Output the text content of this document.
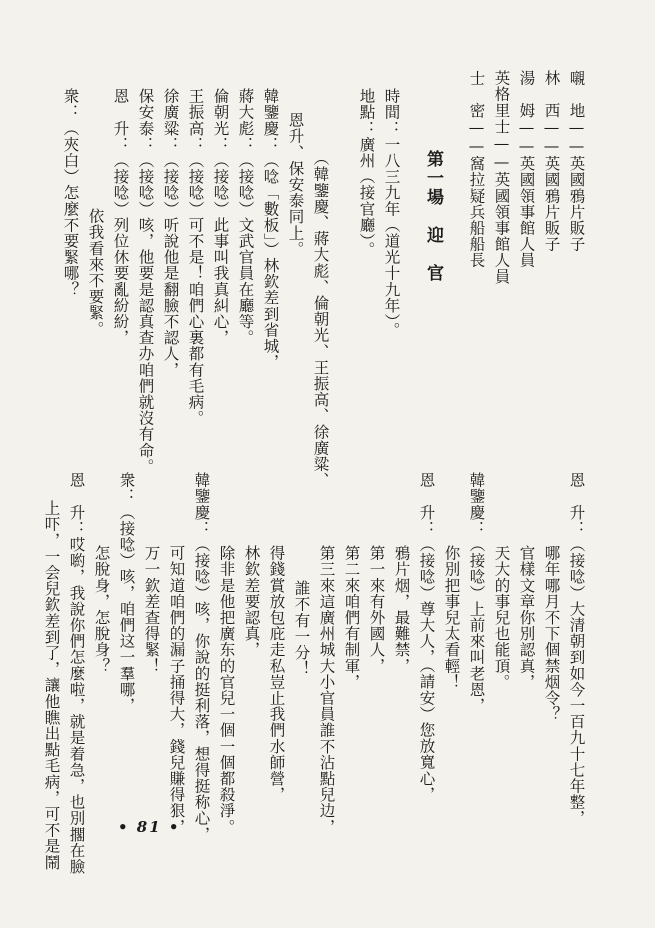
嚫　地——英國鴉片販子
林　西——英國鴉片販子
湯　姆——英國領事館人員
英格里士——英國領事館人員
士　密——窩拉疑兵船船長
第一場　迎　官
時間：一八三九年（道光十九年）。
地點：廣州（接官廳）。
（韓鑒慶、蔣大彪、倫朝光、王振高、徐廣粱、
恩升、保安泰同上。
韓鑒慶：（唸「數板」）林欽差到省城，
蔣大彪：（接唸）文武官員在廳等。
倫朝光：（接唸）此事叫我真糾心，
王振高：（接唸）可不是！咱們心裏都有毛病。
徐廣粱：（接唸）听說他是翻臉不認人，
保安泰：（接唸）咳，他要是認真查办咱們就沒有命。
恩　升：（接唸）列位休要亂紛紛，
依我看來不要緊。
衆：（夾白）怎麼不要緊哪？
恩　升：（接唸）大清朝到如今一百九十七年整，
哪年哪月不下個禁烟令？
官樣文章你別認真，
天大的事兒也能頂。
韓鑒慶：（接唸）上前來叫老恩，
你別把事兒太看輕！
恩　升：（接唸）尊大人，（請安）您放寬心，
鴉片烟，最難禁，
第一來有外國人，
第二來咱們有制軍，
第三來這廣州城大小官員誰不沾點兒边，
誰不有一分！
得錢賞放包庇走私豈止我們水師營，
林欽差要認真，
除非是他把廣东的官兒一個一個都殺淨。
韓鑒慶：（接唸）咳，你說的挺利落，想得挺称心，
可知道咱們的漏子捅得大，錢兒賺得狠，
万一欽差查得緊！
衆：（接唸）咳，咱們这一羣哪，
怎脫身，怎脫身？
恩　升：哎喲，我說你們怎麼啦，就是着急，也別擱在臉
上吓，一会兒欽差到了，讓他瞧出點毛病，可不是鬧	• 81 •
